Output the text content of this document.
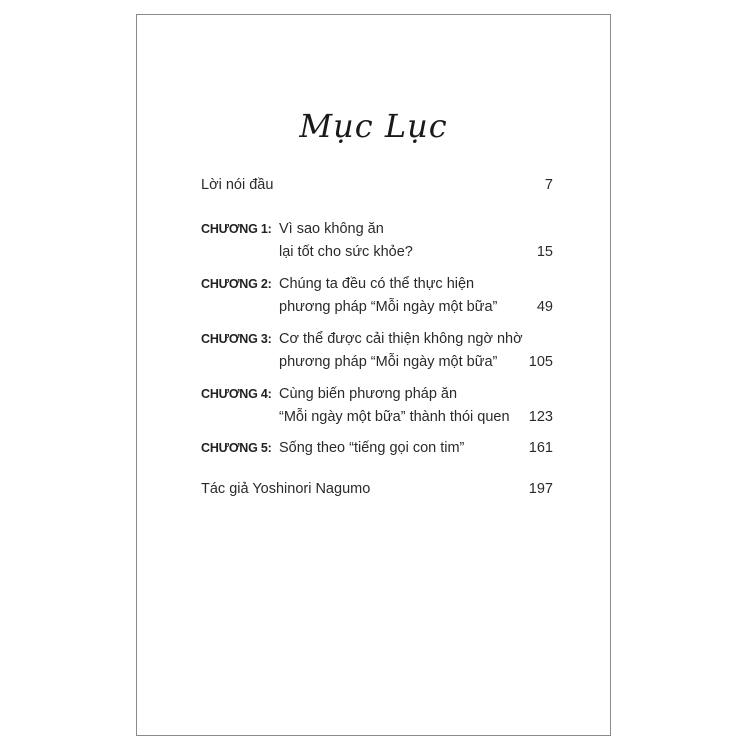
Mục Lục
Lời nói đầu	7
CHƯƠNG 1: Vì sao không ăn
lại tốt cho sức khỏe?	15
CHƯƠNG 2: Chúng ta đều có thể thực hiện
phương pháp “Mỗi ngày một bữa”	49
CHƯƠNG 3: Cơ thể được cải thiện không ngờ nhờ
phương pháp “Mỗi ngày một bữa” 105
CHƯƠNG 4: Cùng biến phương pháp ăn
“Mỗi ngày một bữa” thành thói quen 123
CHƯƠNG 5: Sống theo “tiếng gọi con tim”	161
Tác giả Yoshinori Nagumo	197
